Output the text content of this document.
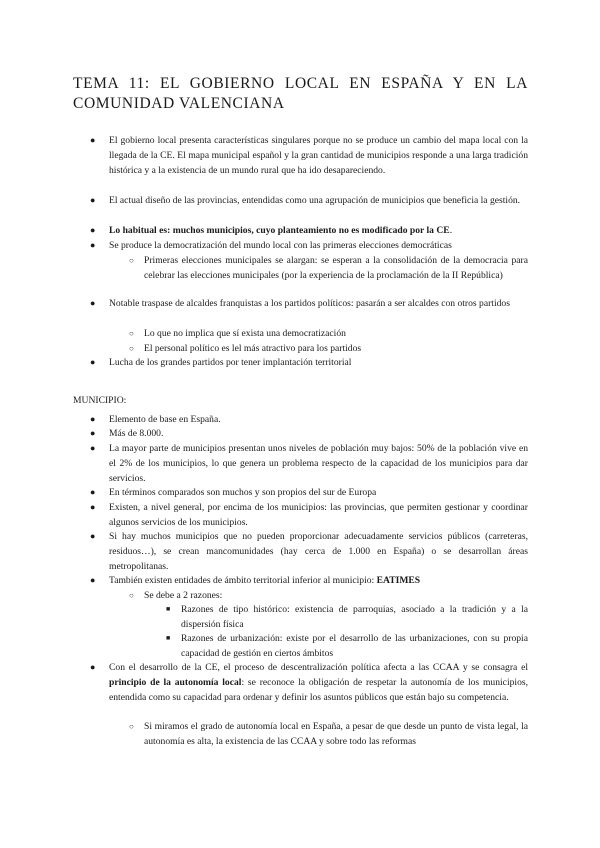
TEMA 11: EL GOBIERNO LOCAL EN ESPAÑA Y EN LA COMUNIDAD VALENCIANA
● El gobierno local presenta características singulares porque no se produce un cambio del mapa local con la llegada de la CE. El mapa municipal español y la gran cantidad de municipios responde a una larga tradición histórica y a la existencia de un mundo rural que ha ido desapareciendo.

● El actual diseño de las provincias, entendidas como una agrupación de municipios que beneficia la gestión.

● Lo habitual es: muchos municipios, cuyo planteamiento no es modificado por la CE.

● Se produce la democratización del mundo local con las primeras elecciones democráticas

○ Primeras elecciones municipales se alargan: se esperan a la consolidación de la democracia para celebrar las elecciones municipales (por la experiencia de la proclamación de la II República)

● Notable traspase de alcaldes franquistas a los partidos políticos: pasarán a ser alcaldes con otros partidos

○ Lo que no implica que sí exista una democratización

○ El personal político es lel más atractivo para los partidos

● Lucha de los grandes partidos por tener implantación territorial

MUNICIPIO:

● Elemento de base en España.

● Más de 8.000.

● La mayor parte de municipios presentan unos niveles de población muy bajos: 50% de la población vive en el 2% de los municipios, lo que genera un problema respecto de la capacidad de los municipios para dar servicios.

● En términos comparados son muchos y son propios del sur de Europa

● Existen, a nivel general, por encima de los municipios: las provincias, que permiten gestionar y coordinar algunos servicios de los municipios.

● Si hay muchos municipios que no pueden proporcionar adecuadamente servicios públicos (carreteras, residuos…), se crean mancomunidades (hay cerca de 1.000 en España) o se desarrollan áreas metropolitanas.

● También existen entidades de ámbito territorial inferior al municipio: EATIMES

○ Se debe a 2 razones:

■ Razones de tipo histórico: existencia de parroquias, asociado a la tradición y a la dispersión física

■ Razones de urbanización: existe por el desarrollo de las urbanizaciones, con su propia capacidad de gestión en ciertos ámbitos

● Con el desarrollo de la CE, el proceso de descentralización política afecta a las CCAA y se consagra el principio de la autonomía local: se reconoce la obligación de respetar la autonomía de los municipios, entendida como su capacidad para ordenar y definir los asuntos públicos que están bajo su competencia.

○ Si miramos el grado de autonomía local en España, a pesar de que desde un punto de vista legal, la autonomía es alta, la existencia de las CCAA y sobre todo las reformas
